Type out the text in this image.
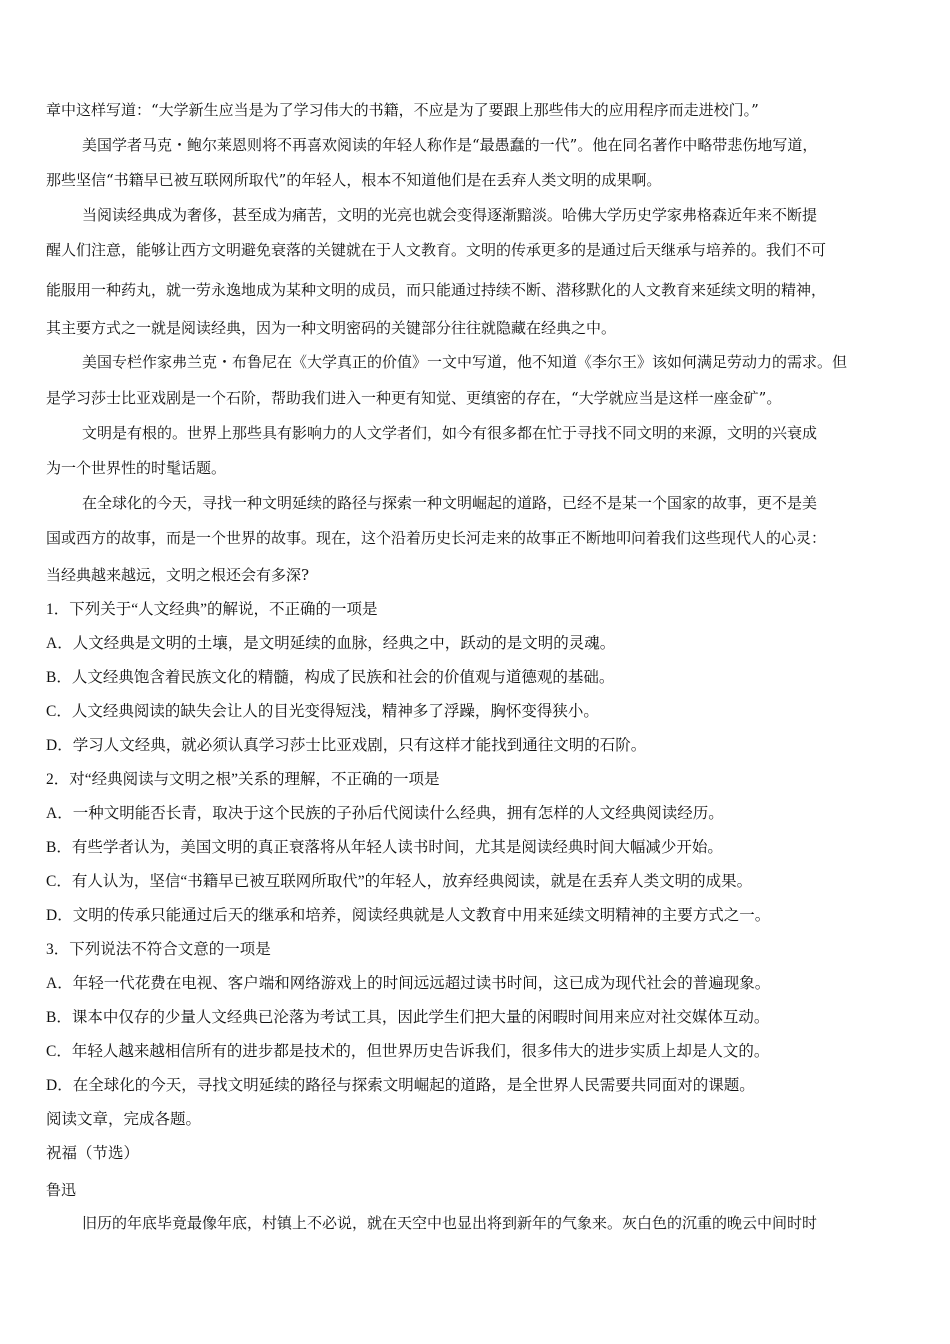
章中这样写道：“大学新生应当是为了学习伟大的书籍，不应是为了要跟上那些伟大的应用程序而走进校门。”
美国学者马克・鲍尔莱恩则将不再喜欢阅读的年轻人称作是“最愚蠢的一代”。他在同名著作中略带悲伤地写道，
那些坚信“书籍早已被互联网所取代”的年轻人，根本不知道他们是在丢弃人类文明的成果啊。
当阅读经典成为奢侈，甚至成为痛苦，文明的光亮也就会变得逐渐黯淡。哈佛大学历史学家弗格森近年来不断提
醒人们注意，能够让西方文明避免衰落的关键就在于人文教育。文明的传承更多的是通过后天继承与培养的。我们不可
能服用一种药丸，就一劳永逸地成为某种文明的成员，而只能通过持续不断、潜移默化的人文教育来延续文明的精神，
其主要方式之一就是阅读经典，因为一种文明密码的关键部分往往就隐藏在经典之中。
美国专栏作家弗兰克・布鲁尼在《大学真正的价值》一文中写道，他不知道《李尔王》该如何满足劳动力的需求。但
是学习莎士比亚戏剧是一个石阶，帮助我们进入一种更有知觉、更缜密的存在，“大学就应当是这样一座金矿”。
文明是有根的。世界上那些具有影响力的人文学者们，如今有很多都在忙于寻找不同文明的来源，文明的兴衰成
为一个世界性的时髦话题。
在全球化的今天，寻找一种文明延续的路径与探索一种文明崛起的道路，已经不是某一个国家的故事，更不是美
国或西方的故事，而是一个世界的故事。现在，这个沿着历史长河走来的故事正不断地叩问着我们这些现代人的心灵：
当经典越来越远，文明之根还会有多深?
1．下列关于“人文经典”的解说，不正确的一项是
A．人文经典是文明的土壤，是文明延续的血脉，经典之中，跃动的是文明的灵魂。
B．人文经典饱含着民族文化的精髓，构成了民族和社会的价值观与道德观的基础。
C．人文经典阅读的缺失会让人的目光变得短浅，精神多了浮躁，胸怀变得狭小。
D．学习人文经典，就必须认真学习莎士比亚戏剧，只有这样才能找到通往文明的石阶。
2．对“经典阅读与文明之根”关系的理解，不正确的一项是
A．一种文明能否长青，取决于这个民族的子孙后代阅读什么经典，拥有怎样的人文经典阅读经历。
B．有些学者认为，美国文明的真正衰落将从年轻人读书时间，尤其是阅读经典时间大幅减少开始。
C．有人认为，坚信“书籍早已被互联网所取代”的年轻人，放弃经典阅读，就是在丢弃人类文明的成果。
D．文明的传承只能通过后天的继承和培养，阅读经典就是人文教育中用来延续文明精神的主要方式之一。
3．下列说法不符合文意的一项是
A．年轻一代花费在电视、客户端和网络游戏上的时间远远超过读书时间，这已成为现代社会的普遍现象。
B．课本中仅存的少量人文经典已沦落为考试工具，因此学生们把大量的闲暇时间用来应对社交媒体互动。
C．年轻人越来越相信所有的进步都是技术的，但世界历史告诉我们，很多伟大的进步实质上却是人文的。
D．在全球化的今天，寻找文明延续的路径与探索文明崛起的道路，是全世界人民需要共同面对的课题。
阅读文章，完成各题。
祝福（节选）
鲁迅
旧历的年底毕竟最像年底，村镇上不必说，就在天空中也显出将到新年的气象来。灰白色的沉重的晚云中间时时
